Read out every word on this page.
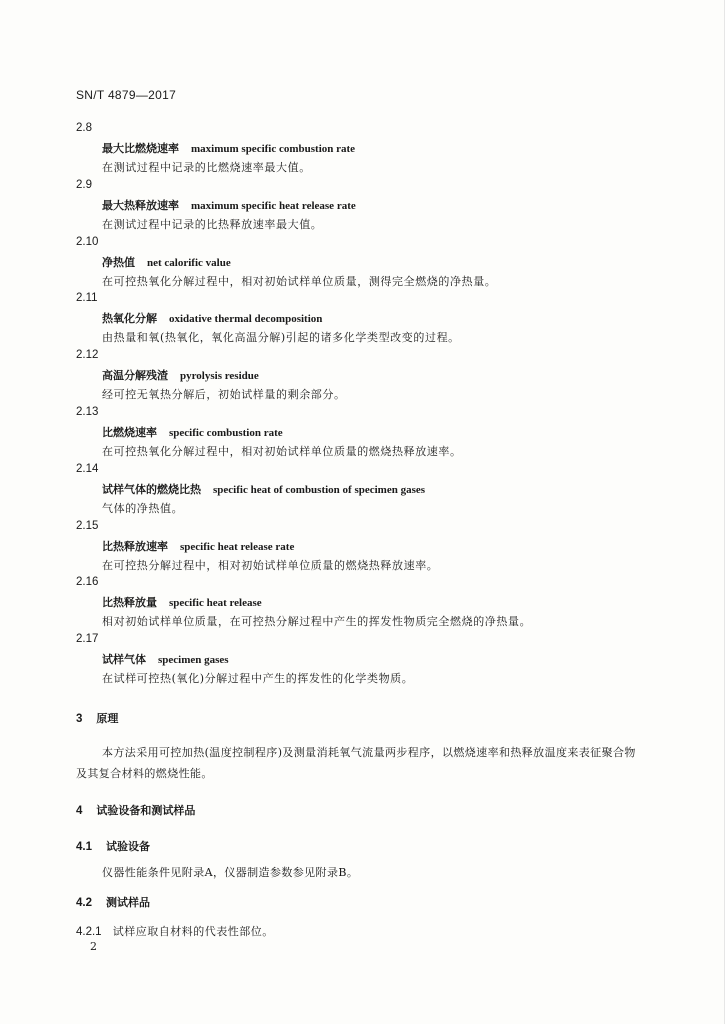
SN/T 4879—2017
2.8
最大比燃烧速率 maximum specific combustion rate
在测试过程中记录的比燃烧速率最大值。
2.9
最大热释放速率 maximum specific heat release rate
在测试过程中记录的比热释放速率最大值。
2.10
净热值 net calorific value
在可控热氧化分解过程中，相对初始试样单位质量，测得完全燃烧的净热量。
2.11
热氧化分解 oxidative thermal decomposition
由热量和氧(热氧化，氧化高温分解)引起的诸多化学类型改变的过程。
2.12
高温分解残渣 pyrolysis residue
经可控无氧热分解后，初始试样量的剩余部分。
2.13
比燃烧速率 specific combustion rate
在可控热氧化分解过程中，相对初始试样单位质量的燃烧热释放速率。
2.14
试样气体的燃烧比热 specific heat of combustion of specimen gases
气体的净热值。
2.15
比热释放速率 specific heat release rate
在可控热分解过程中，相对初始试样单位质量的燃烧热释放速率。
2.16
比热释放量 specific heat release
相对初始试样单位质量，在可控热分解过程中产生的挥发性物质完全燃烧的净热量。
2.17
试样气体 specimen gases
在试样可控热(氧化)分解过程中产生的挥发性的化学类物质。
3 原理
本方法采用可控加热(温度控制程序)及测量消耗氧气流量两步程序，以燃烧速率和热释放温度来表征聚合物及其复合材料的燃烧性能。
4 试验设备和测试样品
4.1 试验设备
仪器性能条件见附录A，仪器制造参数参见附录B。
4.2 测试样品
4.2.1 试样应取自材料的代表性部位。
2
